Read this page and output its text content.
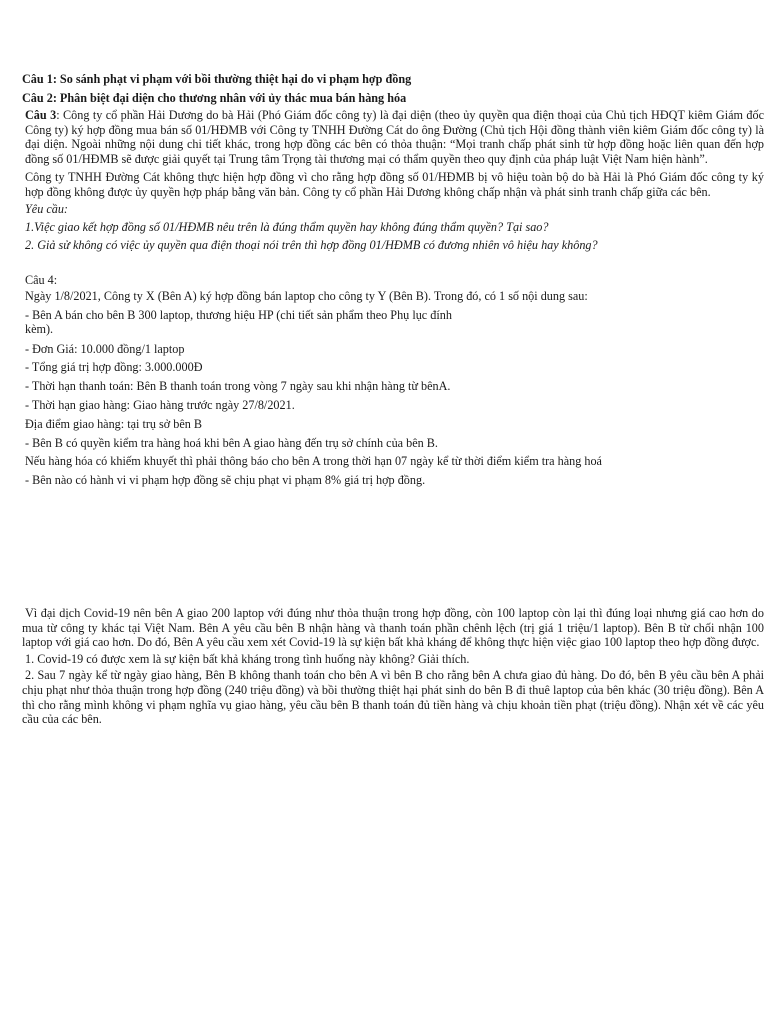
Câu 1: So sánh phạt vi phạm với bồi thường thiệt hại do vi phạm hợp đồng

Câu 2: Phân biệt đại diện cho thương nhân với ủy thác mua bán hàng hóa

Câu 3: Công ty cổ phần Hải Dương do bà Hải (Phó Giám đốc công ty) là đại diện (theo ủy quyền qua điện thoại của Chủ tịch HĐQT kiêm Giám đốc Công ty) ký hợp đồng mua bán số 01/HĐMB với Công ty TNHH Đường Cát do ông Đường (Chủ tịch Hội đồng thành viên kiêm Giám đốc công ty) là đại diện. Ngoài những nội dung chi tiết khác, trong hợp đồng các bên có thỏa thuận: “Mọi tranh chấp phát sinh từ hợp đồng hoặc liên quan đến hợp đồng số 01/HĐMB sẽ được giải quyết tại Trung tâm Trọng tài thương mại có thẩm quyền theo quy định của pháp luật Việt Nam hiện hành”.

Công ty TNHH Đường Cát không thực hiện hợp đồng vì cho rằng hợp đồng số 01/HĐMB bị vô hiệu toàn bộ do bà Hải là Phó Giám đốc công ty ký hợp đồng không được ủy quyền hợp pháp bằng văn bản. Công ty cổ phần Hải Dương không chấp nhận và phát sinh tranh chấp giữa các bên.

Yêu cầu:

1.Việc giao kết hợp đồng số 01/HĐMB nêu trên là đúng thẩm quyền hay không đúng thẩm quyền? Tại sao?

2. Giả sử không có việc ủy quyền qua điện thoại nói trên thì hợp đồng 01/HĐMB có đương nhiên vô hiệu hay không?

Câu 4:

Ngày 1/8/2021, Công ty X (Bên A) ký hợp đồng bán laptop cho công ty Y (Bên B). Trong đó, có 1 số nội dung sau:

- Bên A bán cho bên B 300 laptop, thương hiệu HP (chi tiết sản phẩm theo Phụ lục đính kèm).

- Đơn Giá: 10.000 đồng/1 laptop

- Tổng giá trị hợp đồng: 3.000.000Đ

- Thời hạn thanh toán: Bên B thanh toán trong vòng 7 ngày sau khi nhận hàng từ bênA.

- Thời hạn giao hàng: Giao hàng trước ngày 27/8/2021.

Địa điểm giao hàng: tại trụ sở bên B

- Bên B có quyền kiểm tra hàng hoá khi bên A giao hàng đến trụ sở chính của bên B.

Nếu hàng hóa có khiếm khuyết thì phải thông báo cho bên A trong thời hạn 07 ngày kể từ thời điểm kiểm tra hàng hoá

- Bên nào có hành vi vi phạm hợp đồng sẽ chịu phạt vi phạm 8% giá trị hợp đồng.

Vì đại dịch Covid-19 nên bên A giao 200 laptop với đúng như thỏa thuận trong hợp đồng, còn 100 laptop còn lại thì đúng loại nhưng giá cao hơn do mua từ công ty khác tại Việt Nam. Bên A yêu cầu bên B nhận hàng và thanh toán phần chênh lệch (trị giá 1 triệu/1 laptop). Bên B từ chối nhận 100 laptop với giá cao hơn. Do đó, Bên A yêu cầu xem xét Covid-19 là sự kiện bất khả kháng để không thực hiện việc giao 100 laptop theo hợp đồng được.

1. Covid-19 có được xem là sự kiện bất khả kháng trong tình huống này không? Giải thích.

2. Sau 7 ngày kể từ ngày giao hàng, Bên B không thanh toán cho bên A vì bên B cho rằng bên A chưa giao đủ hàng. Do đó, bên B yêu cầu bên A phải chịu phạt như thỏa thuận trong hợp đồng (240 triệu đồng) và bồi thường thiệt hại phát sinh do bên B đi thuê laptop của bên khác (30 triệu đồng). Bên A thì cho rằng mình không vi phạm nghĩa vụ giao hàng, yêu cầu bên B thanh toán đủ tiền hàng và chịu khoản tiền phạt (triệu đồng). Nhận xét về các yêu cầu của các bên.
